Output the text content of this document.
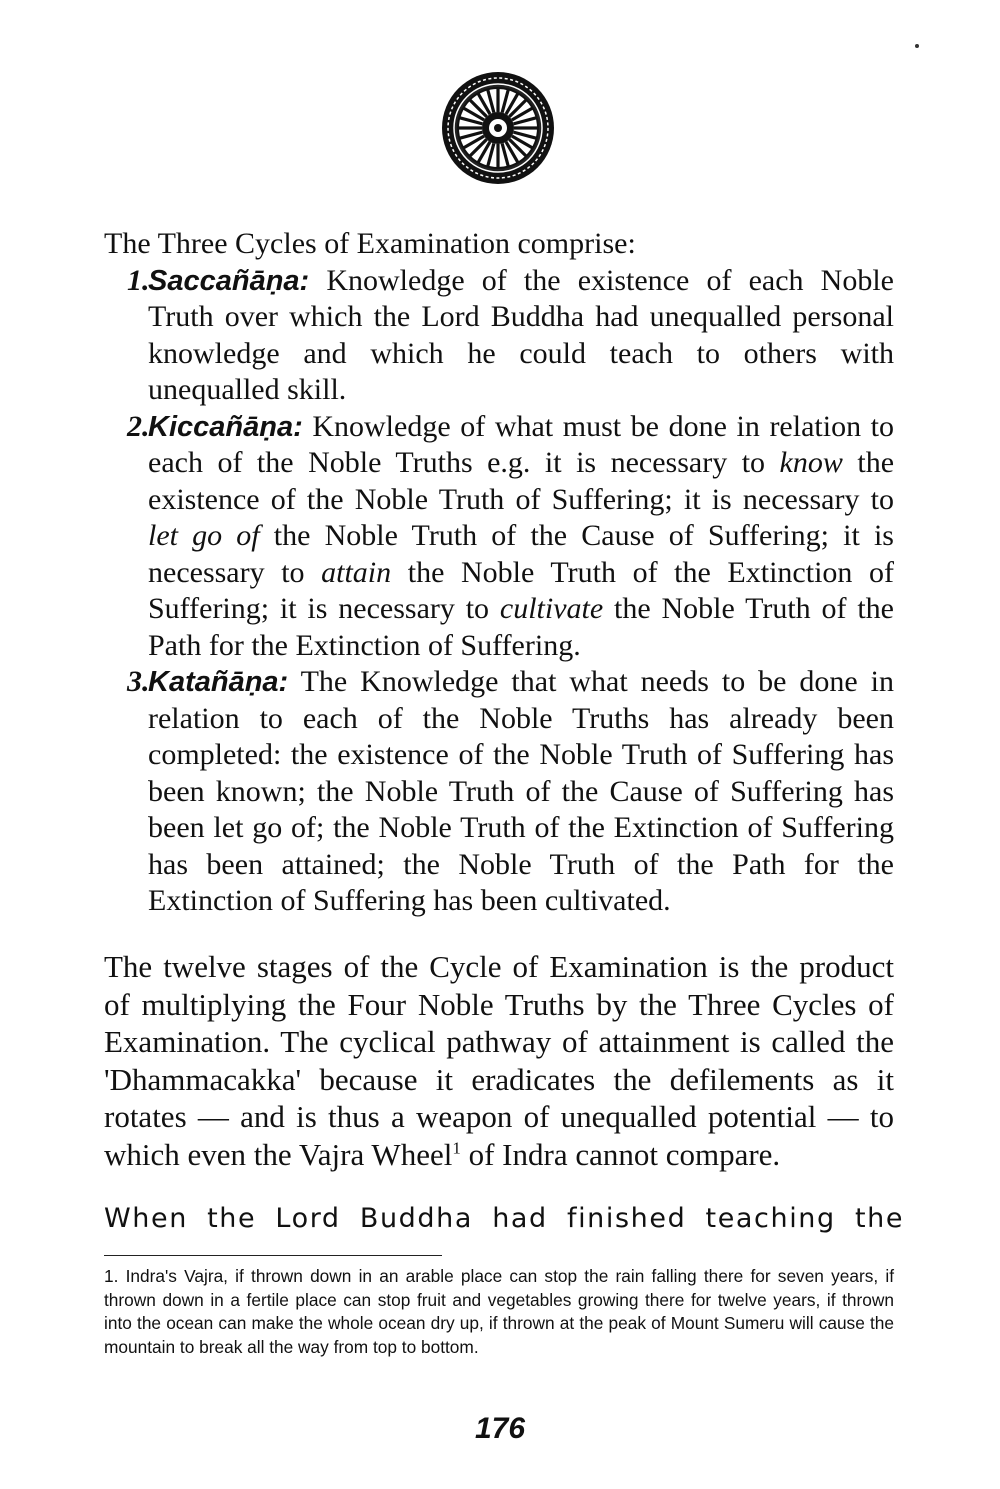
The Three Cycles of Examination comprise:
1.
Saccañāṇa: Knowledge of the existence of each Noble Truth over which the Lord Buddha had unequalled personal knowledge and which he could teach to others with unequalled skill.
2.
Kiccañāṇa: Knowledge of what must be done in relation to each of the Noble Truths e.g. it is necessary to know the existence of the Noble Truth of Suffering; it is necessary to let go of the Noble Truth of the Cause of Suffering; it is necessary to attain the Noble Truth of the Extinction of Suffering; it is necessary to cultivate the Noble Truth of the Path for the Extinction of Suffering.
3.
Katañāṇa: The Knowledge that what needs to be done in relation to each of the Noble Truths has already been completed: the existence of the Noble Truth of Suffering has been known; the Noble Truth of the Cause of Suffering has been let go of; the Noble Truth of the Extinction of Suffering has been attained; the Noble Truth of the Path for the Extinction of Suffering has been cultivated.

The twelve stages of the Cycle of Examination is the product of multiplying the Four Noble Truths by the Three Cycles of Examination. The cyclical pathway of attainment is called the 'Dhammacakka' because it eradicates the defilements as it rotates — and is thus a weapon of unequalled potential — to which even the Vajra Wheel$^1$ of Indra cannot compare.

When the Lord Buddha had finished teaching the

1. Indra's Vajra, if thrown down in an arable place can stop the rain falling there for seven years, if thrown down in a fertile place can stop fruit and vegetables growing there for twelve years, if thrown into the ocean can make the whole ocean dry up, if thrown at the peak of Mount Sumeru will cause the mountain to break all the way from top to bottom.

176
